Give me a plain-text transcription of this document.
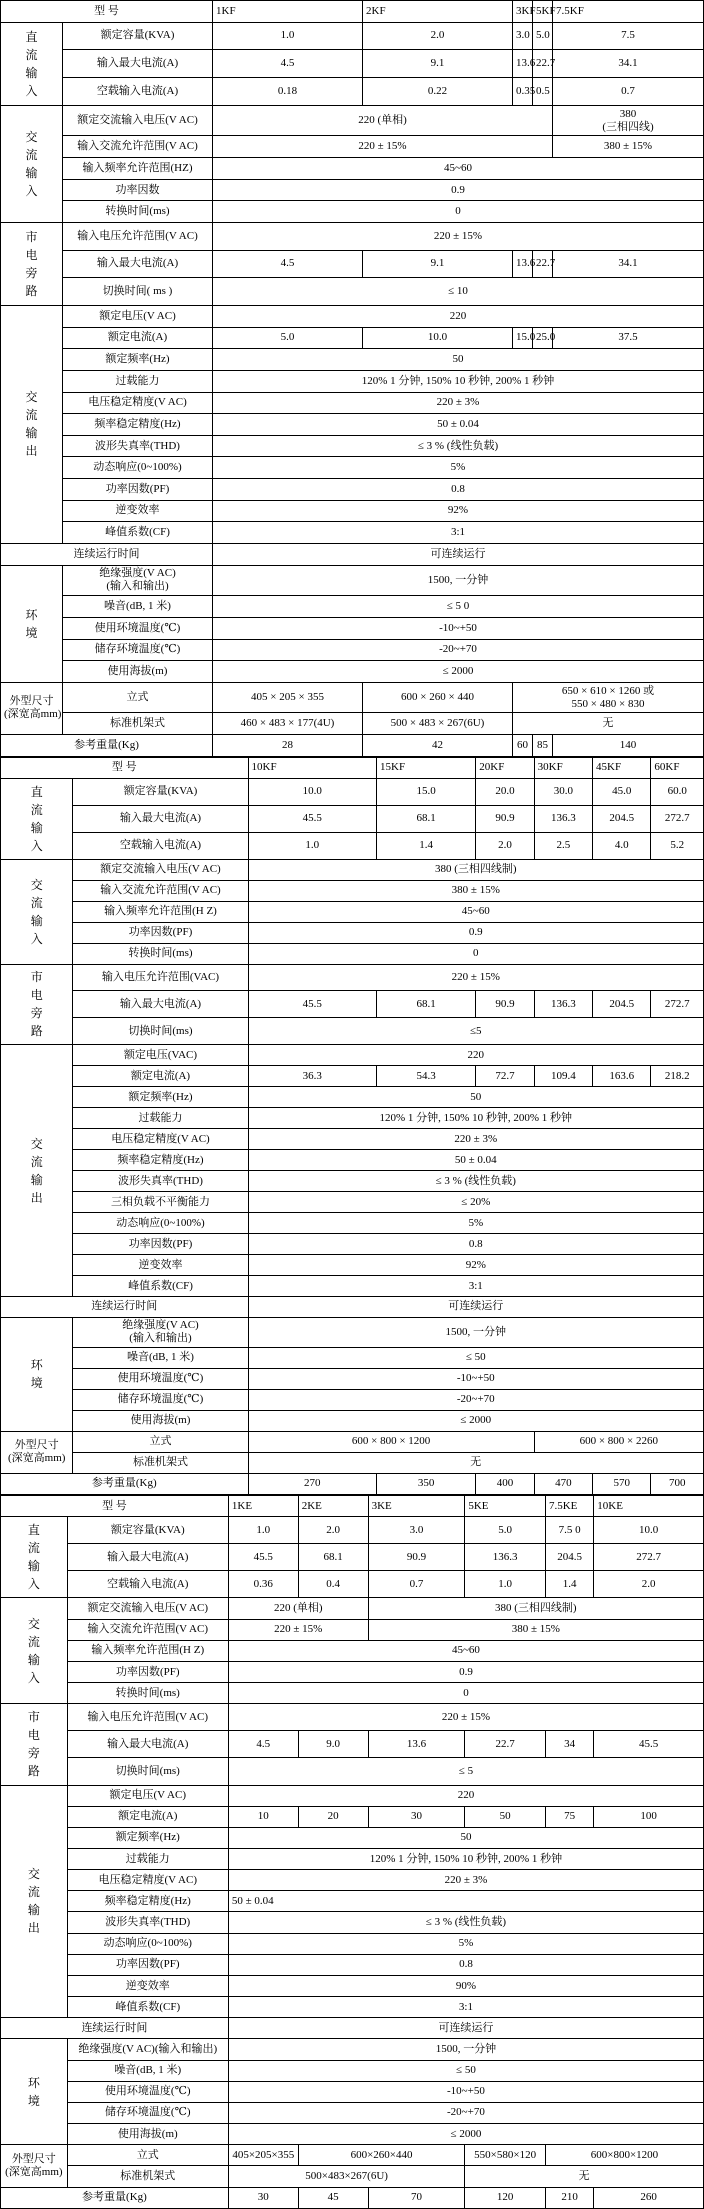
型 号		1KF	2KF	3KF	5KF	7.5KF

直
流
输
入	额定容量(KVA)	1.0	2.0	3.0	5.0	7.5
	输入最大电流(A)	4.5	9.1	13.6	22.7	34.1
	空载输入电流(A)	0.18	0.22	0.35	0.5	0.7

交
流
输
入	额定交流输入电压(V AC)	220 (单相)				380
(三相四线)
	输入交流允许范围(V AC)	220 ± 15%				380 ± 15%
	输入频率允许范围(HZ)	45~60				
	功率因数	0.9				
	转换时间(ms)	0				

市
电
旁
路	输入电压允许范围(V AC)	220 ± 15%				
	输入最大电流(A)	4.5	9.1	13.6	22.7	34.1
	切换时间( ms )	≤ 10				

交
流
输
出	额定电压(V AC)	220				
	额定电流(A)	5.0	10.0	15.0	25.0	37.5
	额定频率(Hz)	50				
	过载能力	120% 1 分钟, 150% 10 秒钟, 200% 1 秒钟				
	电压稳定精度(V AC)	220 ± 3%				
	频率稳定精度(Hz)	50 ± 0.04				
	波形失真率(THD)	≤ 3 % (线性负载)				
	动态响应(0~100%)	5%				
	功率因数(PF)	0.8				
	逆变效率	92%				
	峰值系数(CF)	3:1				
连续运行时间		可连续运行				

环
境	绝缘强度(V AC)
(输入和输出)	1500, 一分钟				
	噪音(dB, 1 米)	≤ 5 0				
	使用环境温度(℃)	-10~+50				
	储存环境温度(℃)	-20~+70				
	使用海拔(m)	≤ 2000				
外型尺寸
(深宽高mm)	立式	405 × 205 × 355	600 × 260 × 440	650 × 610 × 1260 或
550 × 480 × 830		
	标准机架式	460 × 483 × 177(4U)	500 × 483 × 267(6U)	无		
参考重量(Kg)		28	42	60	85	140
型 号		10KF	15KF	20KF	30KF	45KF	60KF

直
流
输
入	额定容量(KVA)	10.0	15.0	20.0	30.0	45.0	60.0
	输入最大电流(A)	45.5	68.1	90.9	136.3	204.5	272.7
	空载输入电流(A)	1.0	1.4	2.0	2.5	4.0	5.2

交
流
输
入	额定交流输入电压(V AC)	380 (三相四线制)					
	输入交流允许范围(V AC)	380 ± 15%					
	输入频率允许范围(H Z)	45~60					
	功率因数(PF)	0.9					
	转换时间(ms)	0					

市
电
旁
路	输入电压允许范围(VAC)	220 ± 15%					
	输入最大电流(A)	45.5	68.1	90.9	136.3	204.5	272.7
	切换时间(ms)	≤5					

交
流
输
出	额定电压(VAC)	220					
	额定电流(A)	36.3	54.3	72.7	109.4	163.6	218.2
	额定频率(Hz)	50					
	过载能力	120% 1 分钟, 150% 10 秒钟, 200% 1 秒钟					
	电压稳定精度(V AC)	220 ± 3%					
	频率稳定精度(Hz)	50 ± 0.04					
	波形失真率(THD)	≤ 3 % (线性负载)					
	三相负载不平衡能力	≤ 20%					
	动态响应(0~100%)	5%					
	功率因数(PF)	0.8					
	逆变效率	92%					
	峰值系数(CF)	3:1					
连续运行时间		可连续运行					

环
境	绝缘强度(V AC)
(输入和输出)	1500, 一分钟					
	噪音(dB, 1 米)	≤ 50					
	使用环境温度(℃)	-10~+50					
	储存环境温度(℃)	-20~+70					
	使用海拔(m)	≤ 2000					
外型尺寸
(深宽高mm)	立式	600 × 800 × 1200			600 × 800 × 2260		
	标准机架式	无					
参考重量(Kg)		270	350	400	470	570	700
型 号		1KE	2KE	3KE	5KE	7.5KE	10KE

直
流
输
入	额定容量(KVA)	1.0	2.0	3.0	5.0	7.5 0	10.0
	输入最大电流(A)	45.5	68.1	90.9	136.3	204.5	272.7
	空载输入电流(A)	0.36	0.4	0.7	1.0	1.4	2.0

交
流
输
入	额定交流输入电压(V AC)	220 (单相)		380 (三相四线制)			
	输入交流允许范围(V AC)	220 ± 15%		380 ± 15%			
	输入频率允许范围(H Z)	45~60					
	功率因数(PF)	0.9					
	转换时间(ms)	0					

市
电
旁
路	输入电压允许范围(V AC)	220 ± 15%					
	输入最大电流(A)	4.5	9.0	13.6	22.7	34	45.5
	切换时间(ms)	≤ 5					

交
流
输
出	额定电压(V AC)	220					
	额定电流(A)	10	20	30	50	75	100
	额定频率(Hz)	50					
	过载能力	120% 1 分钟, 150% 10 秒钟, 200% 1 秒钟					
	电压稳定精度(V AC)	220 ± 3%					
	频率稳定精度(Hz)	50 ± 0.04					
	波形失真率(THD)	≤ 3 % (线性负载)					
	动态响应(0~100%)	5%					
	功率因数(PF)	0.8					
	逆变效率	90%					
	峰值系数(CF)	3:1					
连续运行时间		可连续运行					

环
境	绝缘强度(V AC)(输入和输出)	1500, 一分钟					
	噪音(dB, 1 米)	≤ 50					
	使用环境温度(℃)	-10~+50					
	储存环境温度(℃)	-20~+70					
	使用海拔(m)	≤ 2000					
外型尺寸
(深宽高mm)	立式	405×205×355	600×260×440		550×580×120	600×800×1200	
	标准机架式	500×483×267(6U)			无		
参考重量(Kg)		30	45	70	120	210	260
